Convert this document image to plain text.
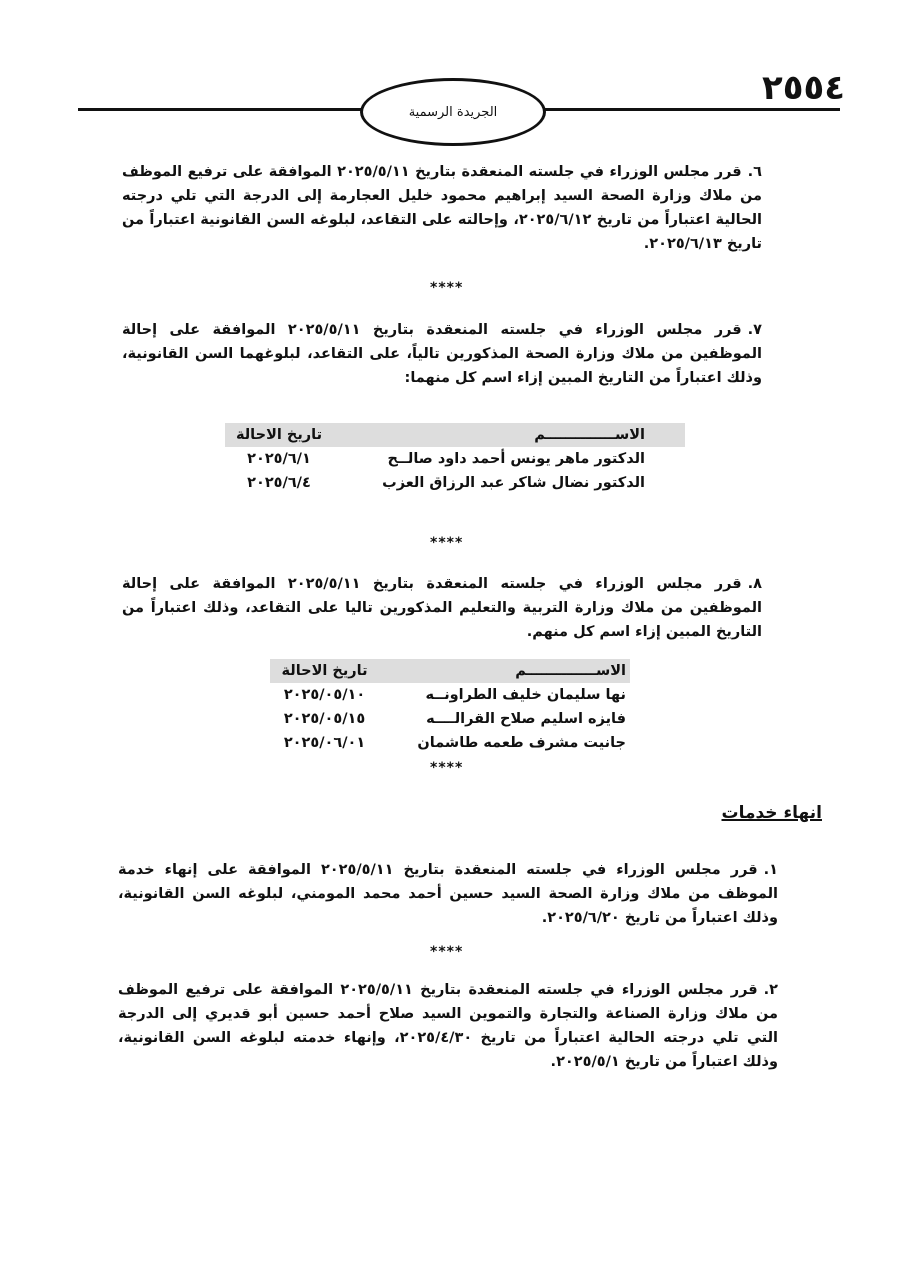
٢٥٥٤
الجريدة الرسمية
٦.قرر مجلس الوزراء في جلسته المنعقدة بتاريخ ٢٠٢٥/٥/١١ الموافقة على ترفيع الموظف من ملاك وزارة الصحة السيد إبراهيم محمود خليل العجارمة إلى الدرجة التي تلي درجته الحالية اعتباراً من تاريخ ٢٠٢٥/٦/١٢، وإحالته على التقاعد، لبلوغه السن القانونية اعتباراً من تاريخ ٢٠٢٥/٦/١٣.
****
٧.قرر مجلس الوزراء في جلسته المنعقدة بتاريخ ٢٠٢٥/٥/١١ الموافقة على إحالة الموظفين من ملاك وزارة الصحة المذكورين تالياً، على التقاعد، لبلوغهما السن القانونية، وذلك اعتباراً من التاريخ المبين إزاء اسم كل منهما:
الاســــــــــــــم	تاريخ الاحالة
الدكتور ماهر يونس أحمد داود صالــح	٢٠٢٥/٦/١
الدكتور نضال شاكر عبد الرزاق العزب	٢٠٢٥/٦/٤
****
٨.قرر مجلس الوزراء في جلسته المنعقدة بتاريخ ٢٠٢٥/٥/١١ الموافقة على إحالة الموظفين من ملاك وزارة التربية والتعليم المذكورين تاليا على التقاعد، وذلك اعتباراً من التاريخ المبين إزاء اسم كل منهم.
الاســــــــــــــم	تاريخ الاحالة
نها سليمان خليف الطراونــه	٢٠٢٥/٠٥/١٠
فايزه اسليم صلاح القرالــــه	٢٠٢٥/٠٥/١٥
جانيت مشرف طعمه طاشمان	٢٠٢٥/٠٦/٠١
****
انهاء خدمات
١.قرر مجلس الوزراء في جلسته المنعقدة بتاريخ ٢٠٢٥/٥/١١ الموافقة على إنهاء خدمة الموظف من ملاك وزارة الصحة السيد حسين أحمد محمد المومني، لبلوغه السن القانونية، وذلك اعتباراً من تاريخ ٢٠٢٥/٦/٢٠.
****
٢.قرر مجلس الوزراء في جلسته المنعقدة بتاريخ ٢٠٢٥/٥/١١ الموافقة على ترفيع الموظف من ملاك وزارة الصناعة والتجارة والتموين السيد صلاح أحمد حسين أبو قديري إلى الدرجة التي تلي درجته الحالية اعتباراً من تاريخ ٢٠٢٥/٤/٣٠، وإنهاء خدمته لبلوغه السن القانونية، وذلك اعتباراً من تاريخ ٢٠٢٥/٥/١.
